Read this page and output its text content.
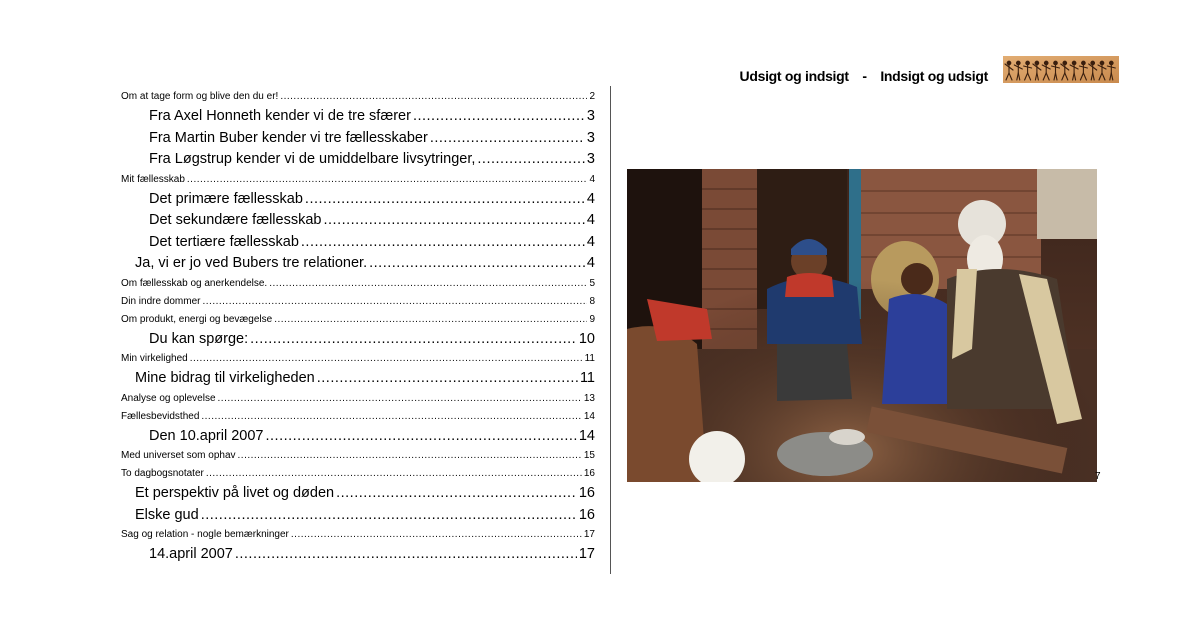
Om at tage form og blive den du er! .....	2
Fra Axel Honneth kender vi de tre sfærer .....	3
Fra Martin Buber kender vi tre fællesskaber .....	3
Fra Løgstrup kender vi de umiddelbare livsytringer, .....	3
Mit fællesskab .....	4
Det primære fællesskab .....	4
Det sekundære fællesskab .....	4
Det tertiære fællesskab .....	4
Ja, vi er jo ved Bubers tre relationer. .....	4
Om fællesskab og anerkendelse. .....	5
Din indre dommer .....	8
Om produkt, energi og bevægelse .....	9
Du kan spørge: .....	10
Min virkelighed .....	11
Mine bidrag til virkeligheden .....	11
Analyse og oplevelse .....	13
Fællesbevidsthed .....	14
Den 10.april 2007 .....	14
Med universet som ophav .....	15
To dagbogsnotater .....	16
Et perspektiv på livet og døden .....	16
Elske gud .....	16
Sag og relation - nogle bemærkninger .....	17
14.april 2007 .....	17
Udsigt og indsigt - Indsigt og udsigt
7
